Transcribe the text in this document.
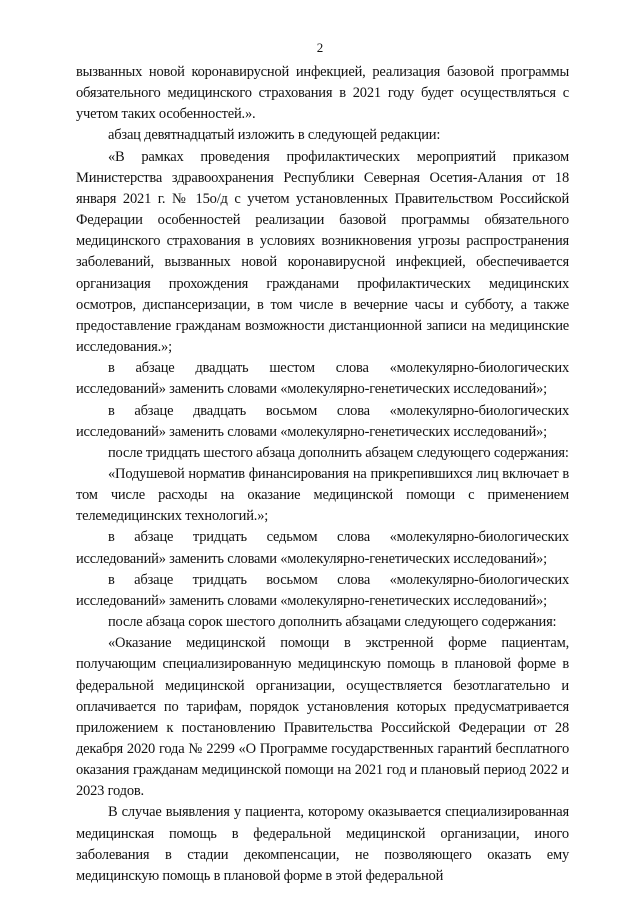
2

вызванных новой коронавирусной инфекцией, реализация базовой программы обязательного медицинского страхования в 2021 году будет осуществляться с учетом таких особенностей.».

абзац девятнадцатый изложить в следующей редакции:

«В рамках проведения профилактических мероприятий приказом Министерства здравоохранения Республики Северная Осетия-Алания от 18 января 2021 г. № 15о/д с учетом установленных Правительством Российской Федерации особенностей реализации базовой программы обязательного медицинского страхования в условиях возникновения угрозы распространения заболеваний, вызванных новой коронавирусной инфекцией, обеспечивается организация прохождения гражданами профилактических медицинских осмотров, диспансеризации, в том числе в вечерние часы и субботу, а также предоставление гражданам возможности дистанционной записи на медицинские исследования.»;

в абзаце двадцать шестом слова «молекулярно-биологических исследований» заменить словами «молекулярно-генетических исследований»;

в абзаце двадцать восьмом слова «молекулярно-биологических исследований» заменить словами «молекулярно-генетических исследований»;

после тридцать шестого абзаца дополнить абзацем следующего содержания:

«Подушевой норматив финансирования на прикрепившихся лиц включает в том числе расходы на оказание медицинской помощи с применением телемедицинских технологий.»;

в абзаце тридцать седьмом слова «молекулярно-биологических исследований» заменить словами «молекулярно-генетических исследований»;

в абзаце тридцать восьмом слова «молекулярно-биологических исследований» заменить словами «молекулярно-генетических исследований»;

после абзаца сорок шестого дополнить абзацами следующего содержания:

«Оказание медицинской помощи в экстренной форме пациентам, получающим специализированную медицинскую помощь в плановой форме в федеральной медицинской организации, осуществляется безотлагательно и оплачивается по тарифам, порядок установления которых предусматривается приложением к постановлению Правительства Российской Федерации от 28 декабря 2020 года № 2299 «О Программе государственных гарантий бесплатного оказания гражданам медицинской помощи на 2021 год и плановый период 2022 и 2023 годов.

В случае выявления у пациента, которому оказывается специализированная медицинская помощь в федеральной медицинской организации, иного заболевания в стадии декомпенсации, не позволяющего оказать ему медицинскую помощь в плановой форме в этой федеральной
